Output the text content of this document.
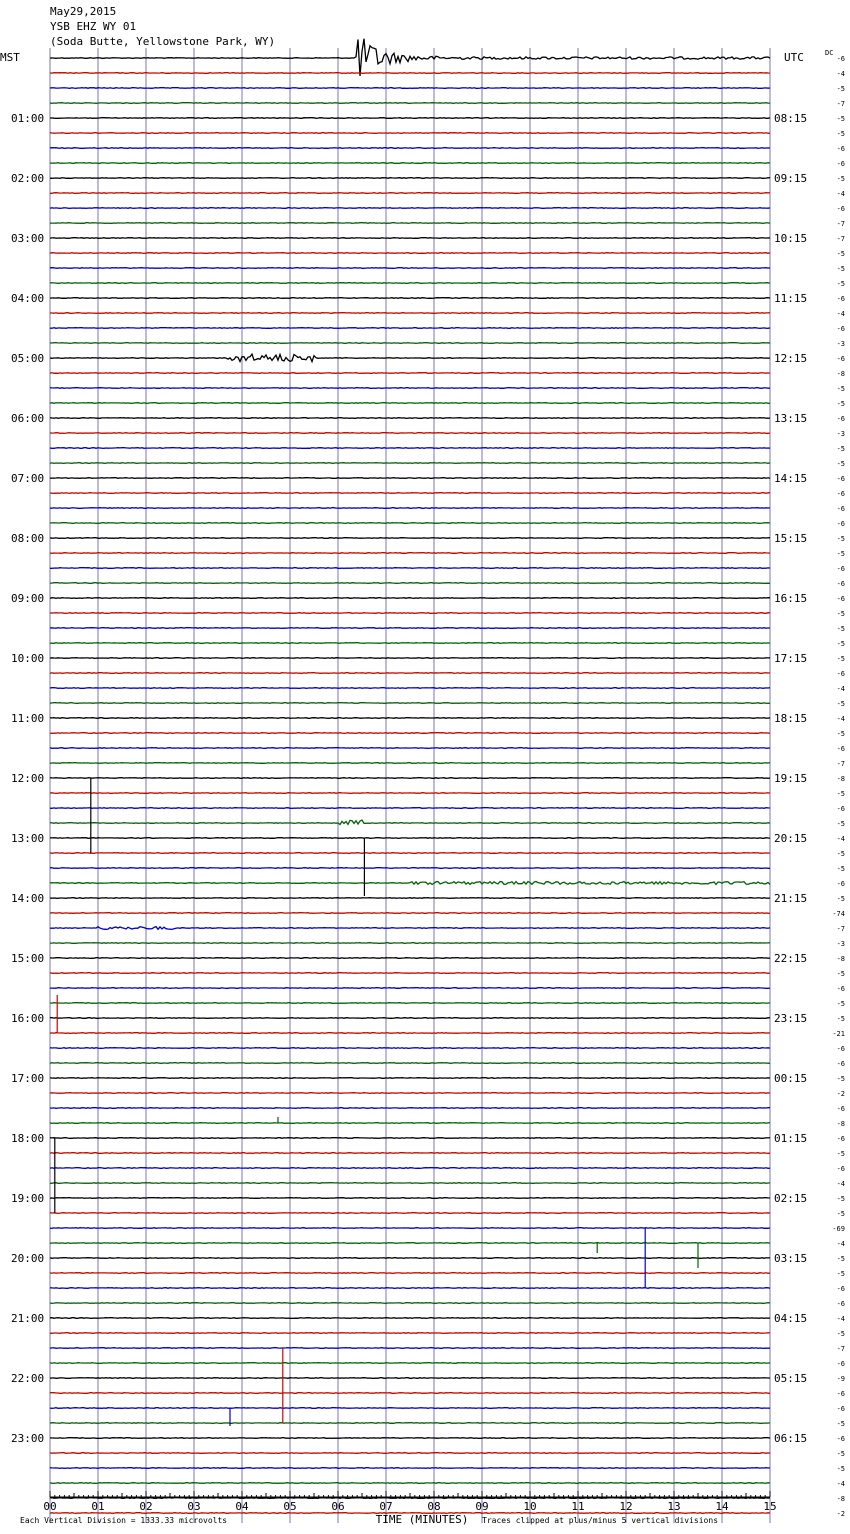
May29,2015
YSB EHZ WY 01
(Soda Butte, Yellowstone Park, WY)
01:00	08:15
02:00	09:15
03:00	10:15
04:00	11:15
05:00	12:15
06:00	13:15
07:00	14:15
08:00	15:15
09:00	16:15
10:00	17:15
11:00	18:15
12:00	19:15
13:00	20:15
14:00	21:15
15:00	22:15
16:00	23:15
17:00	00:15
18:00	01:15
19:00	02:15
20:00	03:15
21:00	04:15
22:00	05:15
23:00	06:15
MST	UTC	DC
-6
-4
-5
-7
-5
-5
-6
-6
-5
-4
-6
-7
-7
-5
-5
-5
-6
-4
-6
-3
-6
-8
-5
-5
-6
-3
-5
-5
-6
-6
-6
-6
-5
-5
-6
-6
-6
-5
-5
-5
-5
-6
-4
-5
-4
-5
-6
-7
-8
-5
-6
-5
-4
-5
-5
-6
-5
-74
-7
-3
-8
-5
-6
-5
-5
-21
-6
-6
-5
-2
-6
-8
-6
-5
-6
-4
-5
-5
-69
-4
-5
-5
-6
-6
-4
-5
-7
-6
-9
-6
-6
-5
-6
-5
-5
-4
-8
-2
00	01	02	03	04	05	06	07	08	09	10	11	12	13	14	15
TIME (MINUTES)
Each Vertical Division = 1333.33 microvolts	Traces clipped at plus/minus 5 vertical divisions
